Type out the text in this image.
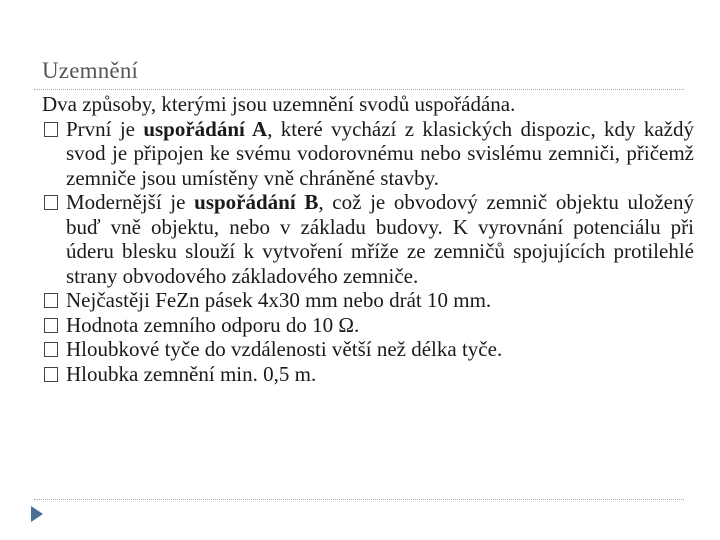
Uzemnění

Dva způsoby, kterými jsou uzemnění svodů uspořádána.

První je uspořádání A, které vychází z klasických dispozic, kdy každý svod je připojen ke svému vodorovnému nebo svislému zemniči, přičemž zemniče jsou umístěny vně chráněné stavby.
Modernější je uspořádání B, což je obvodový zemnič objektu uložený buď vně objektu, nebo v základu budovy. K vyrovnání potenciálu při úderu blesku slouží k vytvoření mříže ze zemničů spojujících protilehlé strany obvodového základového zemniče.
Nejčastěji FeZn pásek 4x30 mm nebo drát 10 mm.
Hodnota zemního odporu do 10 Ω.
Hloubkové tyče do vzdálenosti větší než délka tyče.
Hloubka zemnění min. 0,5 m.
